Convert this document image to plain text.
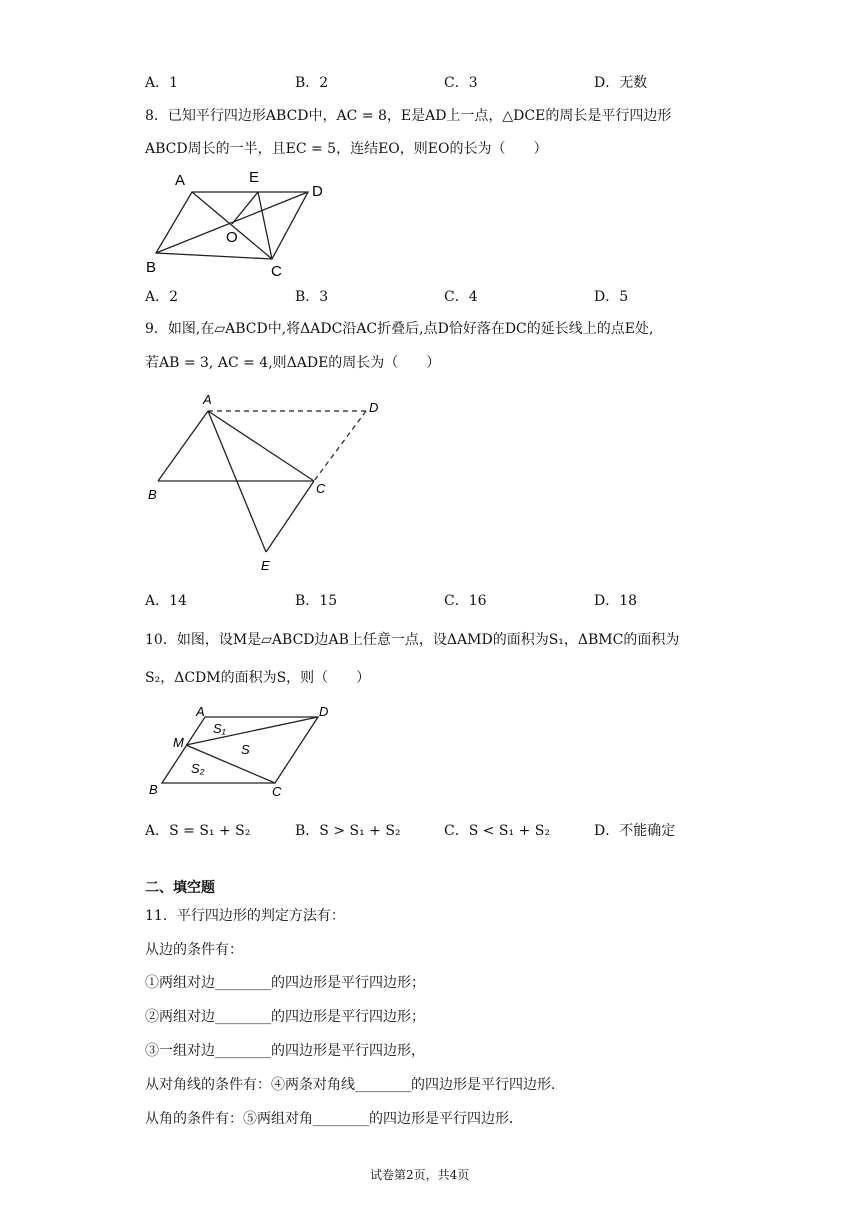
A．1	B．2	C．3	D．无数
8．已知平行四边形ABCD中，AC = 8，E是AD上一点，△DCE的周长是平行四边形
ABCD周长的一半，且EC = 5，连结EO，则EO的长为（　　）
A	E
D
O
B	C
A．2	B．3	C．4	D．5
9．如图,在▱ABCD中,将ΔADC沿AC折叠后,点D恰好落在DC的延长线上的点E处,
若AB = 3, AC = 4,则ΔADE的周长为（　　）
A
D
B	C
E
A．14	B．15	C．16	D．18
10．如图，设M是▱ABCD边AB上任意一点，设ΔAMD的面积为S₁，ΔBMC的面积为
S₂，ΔCDM的面积为S，则（　　）
A	D
M
S₁
S
S₂
B	C
A．S = S₁ + S₂	B．S > S₁ + S₂	C．S < S₁ + S₂	D．不能确定
二、填空题
11．平行四边形的判定方法有：
从边的条件有：
①两组对边________的四边形是平行四边形；
②两组对边________的四边形是平行四边形；
③一组对边________的四边形是平行四边形，
从对角线的条件有：④两条对角线________的四边形是平行四边形．
从角的条件有：⑤两组对角________的四边形是平行四边形．
试卷第2页，共4页
